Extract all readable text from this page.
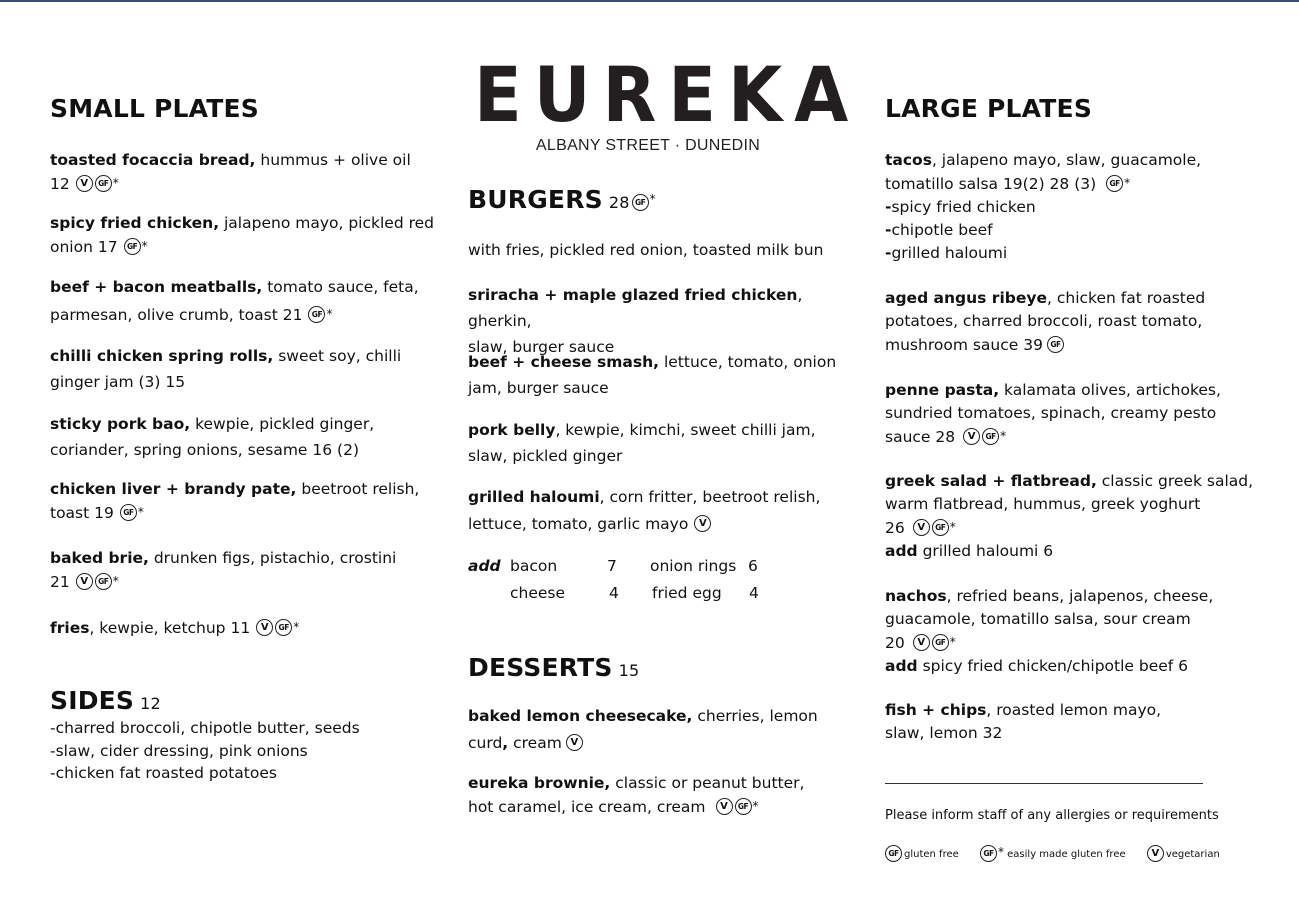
SMALL PLATES

toasted focaccia bread, hummus + olive oil

12 V GF *

spicy fried chicken, jalapeno mayo, pickled red

onion 17 GF *

beef + bacon meatballs, tomato sauce, feta,

parmesan, olive crumb, toast 21 GF *

chilli chicken spring rolls, sweet soy, chilli

ginger jam (3) 15

sticky pork bao, kewpie, pickled ginger,

coriander, spring onions, sesame 16 (2)

chicken liver + brandy pate, beetroot relish,

toast 19 GF *

baked brie, drunken figs, pistachio, crostini

21 V GF *

fries, kewpie, ketchup 11 V GF *

SIDES 12

-charred broccoli, chipotle butter, seeds

-slaw, cider dressing, pink onions

-chicken fat roasted potatoes

EUREKA
ALBANY STREET · DUNEDIN
BURGERS 28 GF *

with fries, pickled red onion, toasted milk bun

sriracha + maple glazed fried chicken, gherkin,

slaw, burger sauce

beef + cheese smash, lettuce, tomato, onion

jam, burger sauce

pork belly, kewpie, kimchi, sweet chilli jam,

slaw, pickled ginger

grilled haloumi, corn fritter, beetroot relish,

lettuce, tomato, garlic mayo V

add bacon	7 onion rings 6
cheese	4 fried egg 4
DESSERTS 15

baked lemon cheesecake, cherries, lemon

curd, cream V

eureka brownie, classic or peanut butter,

hot caramel, ice cream, cream V GF *

LARGE PLATES

tacos, jalapeno mayo, slaw, guacamole,

tomatillo salsa 19(2) 28 (3) GF *

-spicy fried chicken

-chipotle beef

-grilled haloumi

aged angus ribeye, chicken fat roasted

potatoes, charred broccoli, roast tomato,

mushroom sauce 39 GF

penne pasta, kalamata olives, artichokes,

sundried tomatoes, spinach, creamy pesto

sauce 28 V GF *

greek salad + flatbread, classic greek salad,

warm flatbread, hummus, greek yoghurt

26 V GF *

add grilled haloumi 6

nachos, refried beans, jalapenos, cheese,

guacamole, tomatillo salsa, sour cream

20 V GF *

add spicy fried chicken/chipotle beef 6

fish + chips, roasted lemon mayo,

slaw, lemon 32

Please inform staff of any allergies or requirements
GF gluten free	GF * easily made gluten free	V vegetarian
